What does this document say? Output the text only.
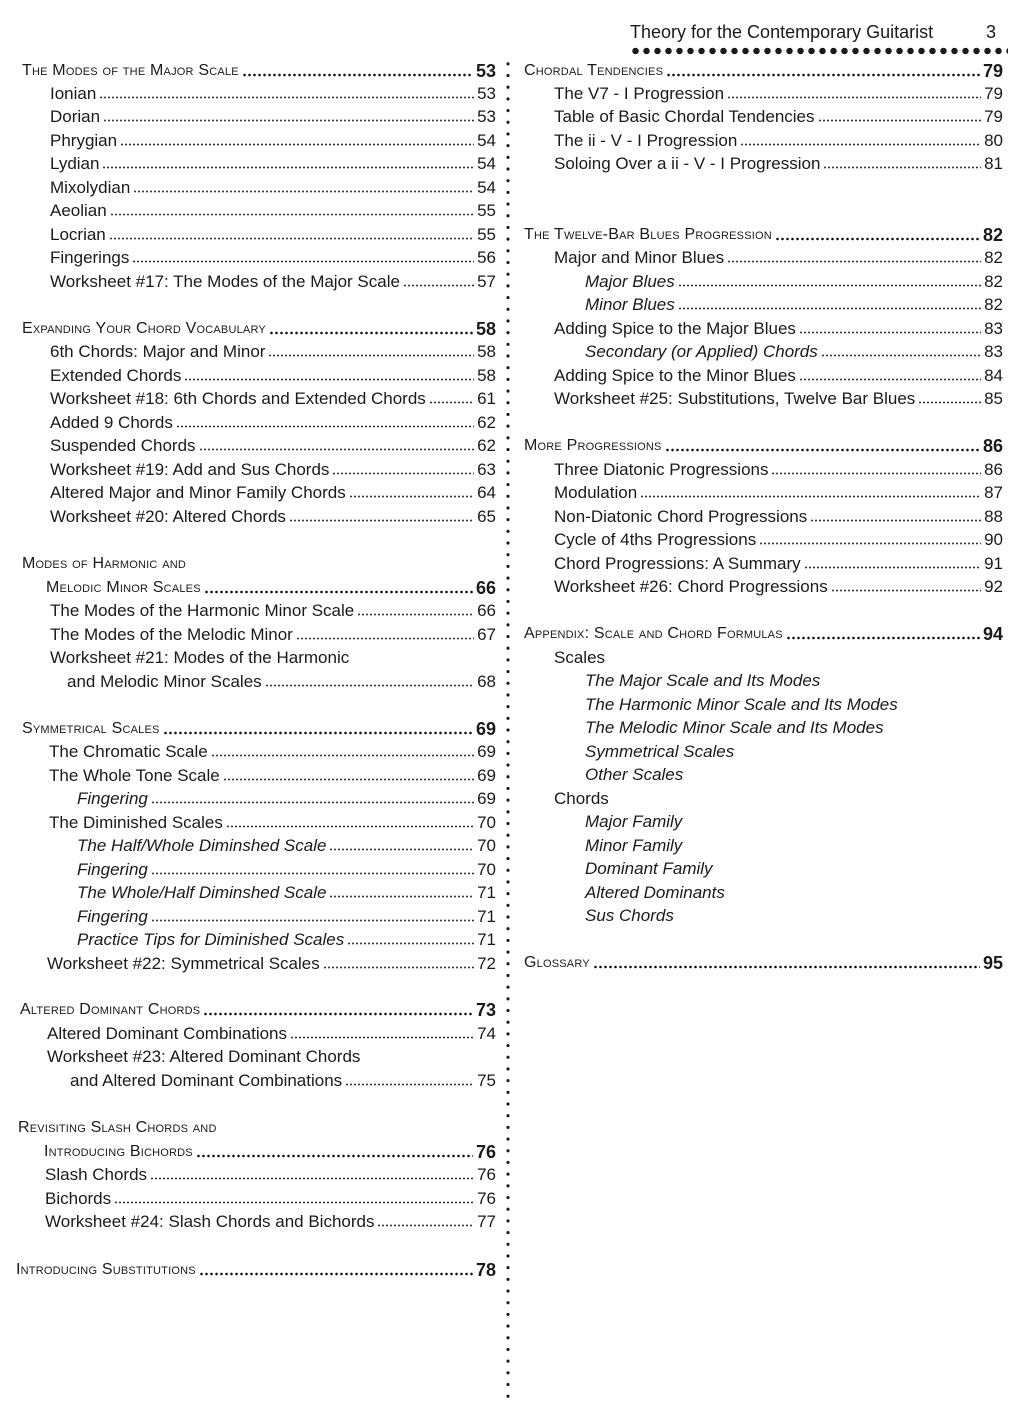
Theory for the Contemporary Guitarist	3
The Modes of the Major Scale	53
Ionian	53
Dorian	53
Phrygian	54
Lydian	54
Mixolydian	54
Aeolian	55
Locrian	55
Fingerings	56
Worksheet #17: The Modes of the Major Scale	57
Expanding Your Chord Vocabulary	58
6th Chords: Major and Minor	58
Extended Chords	58
Worksheet #18: 6th Chords and Extended Chords	61
Added 9 Chords	62
Suspended Chords	62
Worksheet #19: Add and Sus Chords	63
Altered Major and Minor Family Chords	64
Worksheet #20: Altered Chords	65
Modes of Harmonic and
Melodic Minor Scales	66
The Modes of the Harmonic Minor Scale	66
The Modes of the Melodic Minor	67
Worksheet #21: Modes of the Harmonic
and Melodic Minor Scales	68
Symmetrical Scales	69
The Chromatic Scale	69
The Whole Tone Scale	69
Fingering	69
The Diminished Scales	70
The Half/Whole Diminshed Scale	70
Fingering	70
The Whole/Half Diminshed Scale	71
Fingering	71
Practice Tips for Diminished Scales	71
Worksheet #22: Symmetrical Scales	72
Altered Dominant Chords	73
Altered Dominant Combinations	74
Worksheet #23: Altered Dominant Chords
and Altered Dominant Combinations	75
Revisiting Slash Chords and
Introducing Bichords	76
Slash Chords	76
Bichords	76
Worksheet #24: Slash Chords and Bichords	77
Introducing Substitutions	78
Chordal Tendencies	79
The V7 - I Progression	79
Table of Basic Chordal Tendencies	79
The ii - V - I Progression	80
Soloing Over a ii - V - I Progression	81
The Twelve-Bar Blues Progression	82
Major and Minor Blues	82
Major Blues	82
Minor Blues	82
Adding Spice to the Major Blues	83
Secondary (or Applied) Chords	83
Adding Spice to the Minor Blues	84
Worksheet #25: Substitutions, Twelve Bar Blues	85
More Progressions	86
Three Diatonic Progressions	86
Modulation	87
Non-Diatonic Chord Progressions	88
Cycle of 4ths Progressions	90
Chord Progressions: A Summary	91
Worksheet #26: Chord Progressions	92
Appendix: Scale and Chord Formulas	94
Scales
The Major Scale and Its Modes
The Harmonic Minor Scale and Its Modes
The Melodic Minor Scale and Its Modes
Symmetrical Scales
Other Scales
Chords
Major Family
Minor Family
Dominant Family
Altered Dominants
Sus Chords
Glossary	95
